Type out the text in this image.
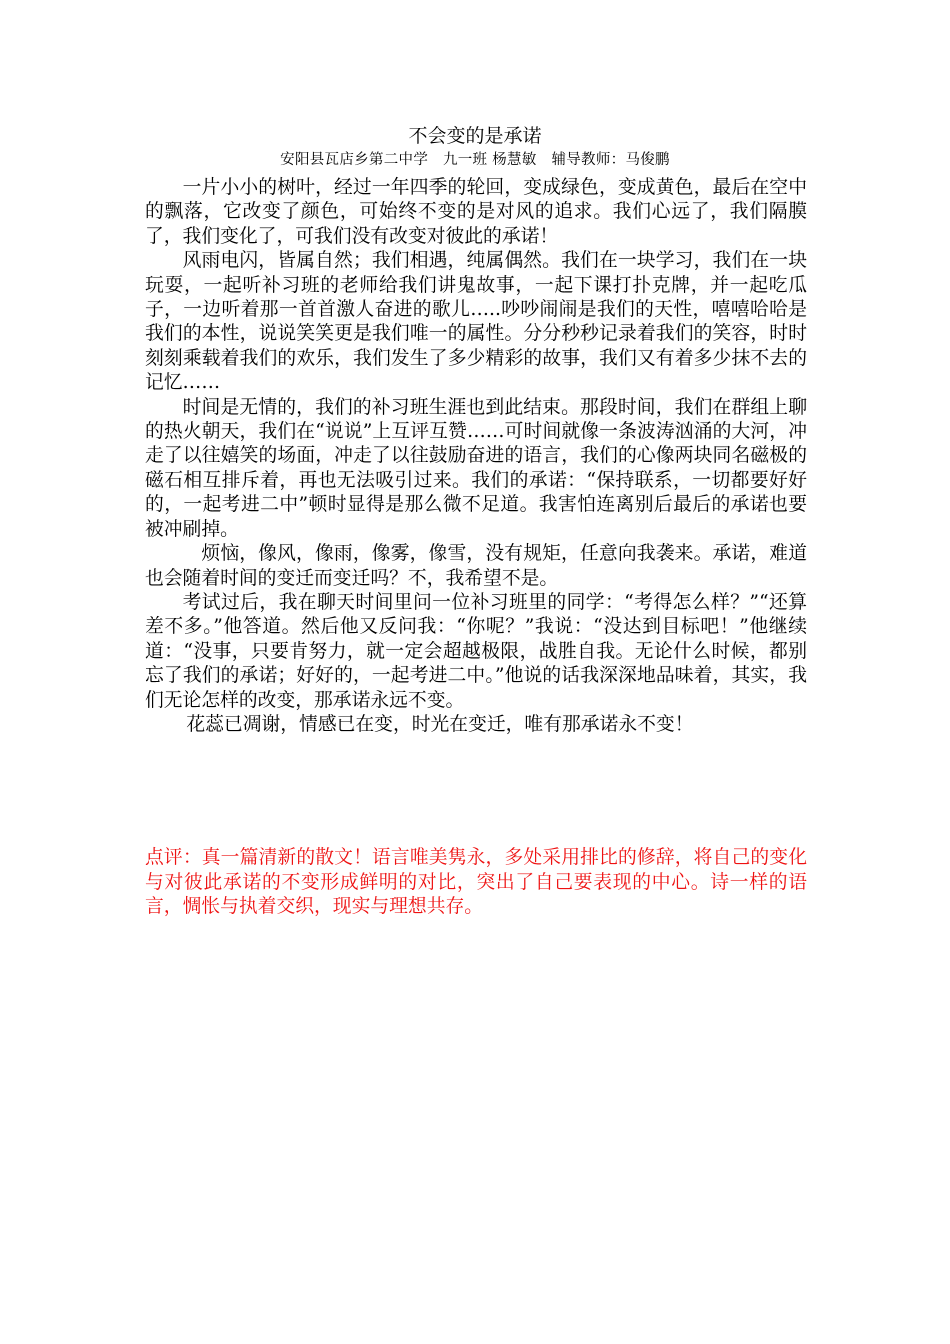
不会变的是承诺
安阳县瓦店乡第二中学　九一班 杨慧敏　辅导教师：马俊鹏

一片小小的树叶，经过一年四季的轮回，变成绿色，变成黄色，最后在空中的飘落，它改变了颜色，可始终不变的是对风的追求。我们心远了，我们隔膜了，我们变化了，可我们没有改变对彼此的承诺！

风雨电闪，皆属自然；我们相遇，纯属偶然。我们在一块学习，我们在一块玩耍，一起听补习班的老师给我们讲鬼故事，一起下课打扑克牌，并一起吃瓜子，一边听着那一首首激人奋进的歌儿…..吵吵闹闹是我们的天性，嘻嘻哈哈是我们的本性，说说笑笑更是我们唯一的属性。分分秒秒记录着我们的笑容，时时刻刻乘载着我们的欢乐，我们发生了多少精彩的故事，我们又有着多少抹不去的记忆……

时间是无情的，我们的补习班生涯也到此结束。那段时间，我们在群组上聊的热火朝天，我们在“说说”上互评互赞……可时间就像一条波涛汹涌的大河，冲走了以往嬉笑的场面，冲走了以往鼓励奋进的语言，我们的心像两块同名磁极的磁石相互排斥着，再也无法吸引过来。我们的承诺：“保持联系，一切都要好好的，一起考进二中”顿时显得是那么微不足道。我害怕连离别后最后的承诺也要被冲刷掉。

烦恼，像风，像雨，像雾，像雪，没有规矩，任意向我袭来。承诺，难道也会随着时间的变迁而变迁吗？不，我希望不是。

考试过后，我在聊天时间里问一位补习班里的同学：“考得怎么样？”“还算差不多。”他答道。然后他又反问我：“你呢？”我说：“没达到目标吧！”他继续道：“没事，只要肯努力，就一定会超越极限，战胜自我。无论什么时候，都别忘了我们的承诺；好好的，一起考进二中。”他说的话我深深地品味着，其实，我们无论怎样的改变，那承诺永远不变。

花蕊已凋谢，情感已在变，时光在变迁，唯有那承诺永不变！

点评：真一篇清新的散文！语言唯美隽永，多处采用排比的修辞，将自己的变化与对彼此承诺的不变形成鲜明的对比，突出了自己要表现的中心。诗一样的语言，惆怅与执着交织，现实与理想共存。
